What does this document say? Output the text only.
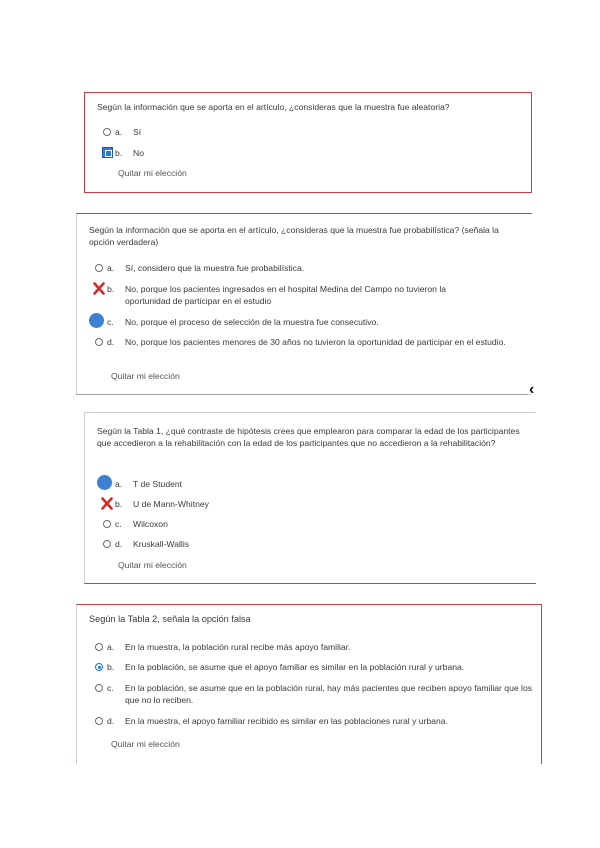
Según la información que se aporta en el artículo, ¿consideras que la muestra fue aleatoria?

a.	Sí
b.	No
Quitar mi elección

Según la información que se aporta en el artículo, ¿consideras que la muestra fue probabilística? (señala la opción verdadera)

a.	Sí, considero que la muestra fue probabilística.
b.	No, porque los pacientes ingresados en el hospital Medina del Campo no tuvieron la oportunidad de participar en el estudio
c.	No, porque el proceso de selección de la muestra fue consecutivo.
d.	No, porque los pacientes menores de 30 años no tuvieron la oportunidad de participar en el estudio.
Quitar mi elección
‹

Según la Tabla 1, ¿qué contraste de hipótesis crees que emplearon para comparar la edad de los participantes que accedieron a la rehabilitación con la edad de los participantes que no accedieron a la rehabilitación?

a.	T de Student
b.	U de Mann-Whitney
c.	Wilcoxon
d.	Kruskall-Wallis
Quitar mi elección

Según la Tabla 2, señala la opción falsa

a.	En la muestra, la población rural recibe más apoyo familiar.
b.	En la población, se asume que el apoyo familiar es similar en la población rural y urbana.
c.	En la población, se asume que en la población rural, hay más pacientes que reciben apoyo familiar que los que no lo reciben.
d.	En la muestra, el apoyo familiar recibido es similar en las poblaciones rural y urbana.
Quitar mi elección
